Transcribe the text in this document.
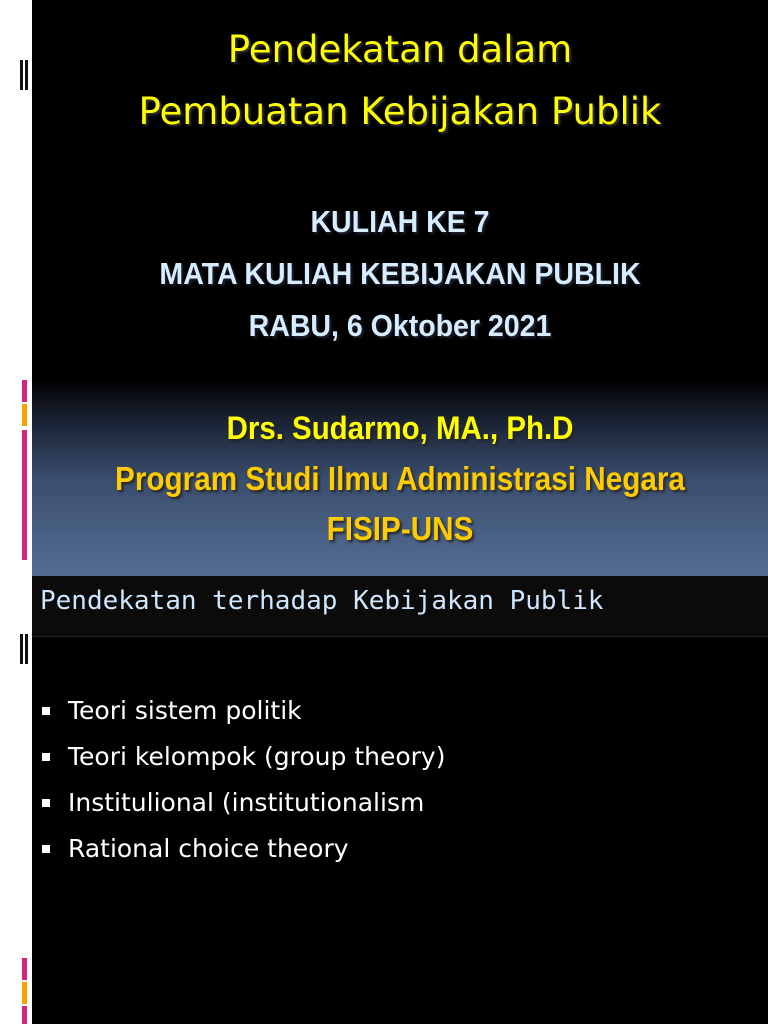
Pendekatan dalam
Pembuatan Kebijakan Publik
KULIAH KE 7
MATA KULIAH KEBIJAKAN PUBLIK
RABU, 6 Oktober 2021
Drs. Sudarmo, MA., Ph.D
Program Studi Ilmu Administrasi Negara
FISIP-UNS
Pendekatan terhadap Kebijakan Publik
Teori sistem politik
Teori kelompok (group theory)
Institulional (institutionalism
Rational choice theory
